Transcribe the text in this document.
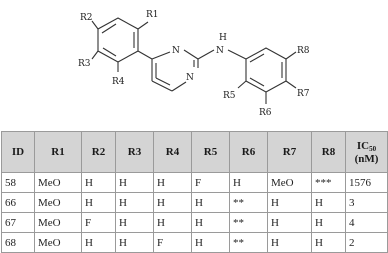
R2	R1
R3
R4
N
N
H
N	R8
R5	R7
R6
ID	R1	R2	R3	R4	R5	R6	R7	R8	IC50
(nM)

58	MeO	H	H	H	F	H	MeO	***	1576
66	MeO	H	H	H	H	**	H	H	3
67	MeO	F	H	H	H	**	H	H	4
68	MeO	H	H	F	H	**	H	H	2
